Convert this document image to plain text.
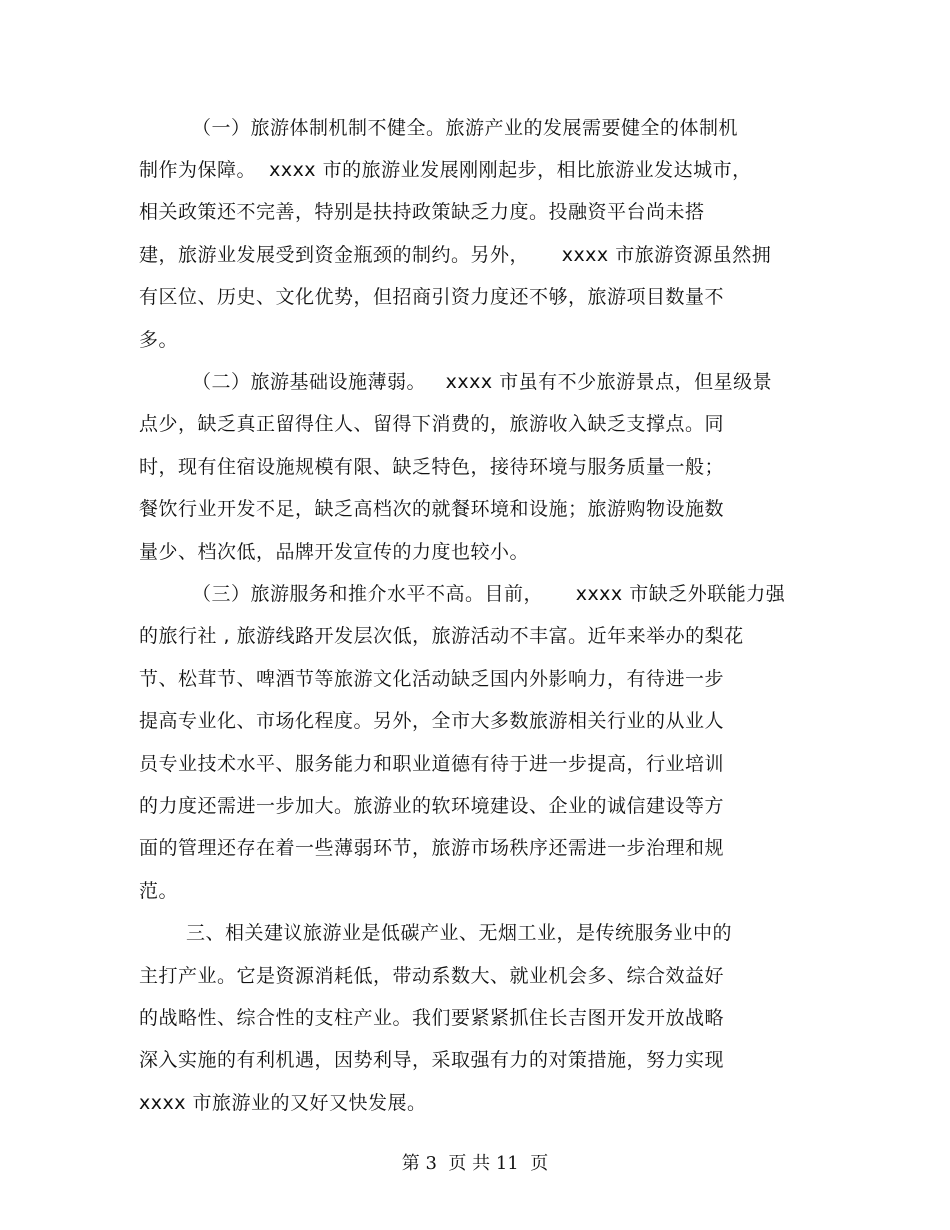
（一）旅游体制机制不健全。旅游产业的发展需要健全的体制机
制作为保障。  xxxx 市的旅游业发展刚刚起步，相比旅游业发达城市，
相关政策还不完善，特别是扶持政策缺乏力度。投融资平台尚未搭
建，旅游业发展受到资金瓶颈的制约。另外，     xxxx 市旅游资源虽然拥
有区位、历史、文化优势，但招商引资力度还不够，旅游项目数量不
多。
（二）旅游基础设施薄弱。   xxxx 市虽有不少旅游景点，但星级景
点少，缺乏真正留得住人、留得下消费的，旅游收入缺乏支撑点。同
时，现有住宿设施规模有限、缺乏特色，接待环境与服务质量一般；
餐饮行业开发不足，缺乏高档次的就餐环境和设施；旅游购物设施数
量少、档次低，品牌开发宣传的力度也较小。
（三）旅游服务和推介水平不高。目前，     xxxx 市缺乏外联能力强
的旅行社 , 旅游线路开发层次低，旅游活动不丰富。近年来举办的梨花
节、松茸节、啤酒节等旅游文化活动缺乏国内外影响力，有待进一步
提高专业化、市场化程度。另外，全市大多数旅游相关行业的从业人
员专业技术水平、服务能力和职业道德有待于进一步提高，行业培训
的力度还需进一步加大。旅游业的软环境建设、企业的诚信建设等方
面的管理还存在着一些薄弱环节，旅游市场秩序还需进一步治理和规
范。
三、相关建议旅游业是低碳产业、无烟工业，是传统服务业中的
主打产业。它是资源消耗低，带动系数大、就业机会多、综合效益好
的战略性、综合性的支柱产业。我们要紧紧抓住长吉图开发开放战略
深入实施的有利机遇，因势利导，采取强有力的对策措施，努力实现
xxxx 市旅游业的又好又快发展。
第 3  页 共 11  页
